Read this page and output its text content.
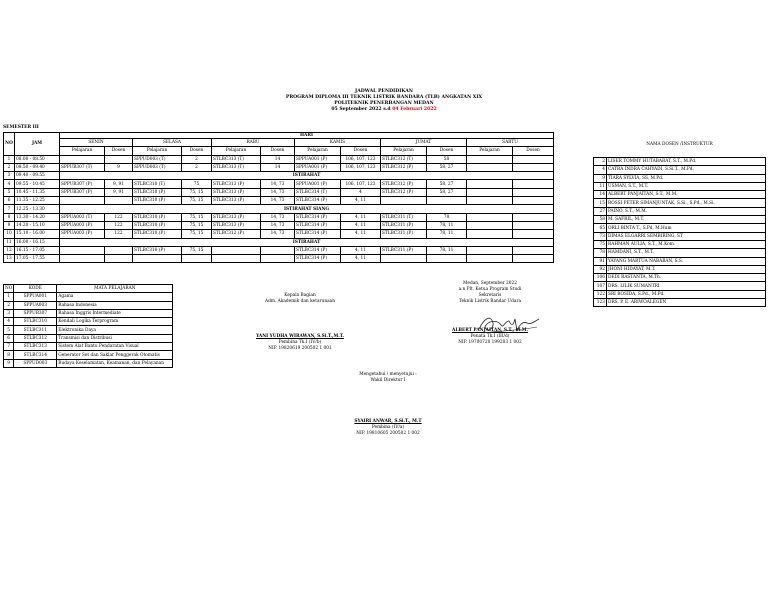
JADWAL PENDIDIKAN
PROGRAM DIPLOMA III TEKNIK LISTRIK BANDARA (TLB) ANGKATAN XIX
POLITEKNIK PENERBANGAN MEDAN
05 September 2022 s.d 04 Februari 2022
SEMESTER III
NO	JAM	HARI											
		SENIN		SELASA		RABU		KAMIS		JUMAT		SABTU	
		Pelajaran	Dosen	Pelajaran	Dosen	Pelajaran	Dosen	Pelajaran	Dosen	Pelajaran	Dosen	Pelajaran	Dosen
1	08.00 - 08.50			SPPUD003 (T)	2	STLBC313 (T)	14	SPPUA001 (P)	106, 107, 123	STLBC312 (T)	58		
2	08.50 - 09.40	SPPUB307 (T)	9	SPPUD003 (T)	2	STLBC313 (T)	14	SPPUA001 (P)	106, 107, 123	STLBC312 (P)	58, 27		
3	09.40 - 09.55	ISTIRAHAT											
4	09.55 - 10.45	SPPUB307 (P)	9, 91	STLBC310 (T)	75	STLBC313 (P)	14, 73	SPPUA001 (P)	106, 107, 123	STLBC312 (P)	58, 27		
5	10.45 - 11.35	SPPUB307 (P)	9, 91	STLBC310 (P)	75, 15	STLBC313 (P)	14, 73	STLBC314 (T)	4	STLBC312 (P)	58, 27		
6	11.35 - 12.25			STLBC310 (P)	75, 15	STLBC313 (P)	14, 73	STLBC314 (P)	4, 11				
7	12.25 - 13.30	ISTIRAHAT SIANG											
8	13.30 - 14.20	SPPUA003 (T)	122	STLBC310 (P)	75, 15	STLBC313 (P)	14, 73	STLBC314 (P)	4, 11	STLBC311 (T)	78		
9	14.20 - 15.10	SPPUA003 (P)	122	STLBC310 (P)	75, 15	STLBC313 (P)	14, 73	STLBC314 (P)	4, 11	STLBC311 (P)	78, 11		
10	15.10 - 16.00	SPPUA003 (P)	122	STLBC310 (P)	75, 15	STLBC312 (P)	14, 73	STLBC314 (P)	4, 11	STLBC311 (P)	78, 11		
11	16.00 - 16.15	ISTIRAHAT											
12	16.15 - 17.05			STLBC310 (P)	75, 15			STLBC314 (P)	4, 11	STLBC311 (P)	78, 11		
13	17.05 - 17.55							STLBC314 (P)	4, 11				
NAMA DOSEN /INSTRUKTUR	
2	LISER TOMMY HUTABARAT, S.T., M.Pd.
4	CATRA INDRA CAHYADI, S.Si.T., M.Pd.
9	TIARA SYLVIA, SS, M.Pd.
11	USMAN, S.T., M.T.
14	ALBERT PANJAITAN, S.T., M.M.
15	ROSSI PETER SIMANJUNTAK, S.Si., S.Pd., M.Si.
27	PAINO, S.T., M.M.
58	M. SAFRIL, M.T.
65	ORLI BINTA T., S.Pd, M.Hum
73	DIMAS ELGARRI SEMBIRING, ST
75	RAHMAN AULIA, S.T., M.Kom.
78	HAMDANI, S.T., M.T.
91	YAYANG MARTUA NABABAN, S.S.
92	JHONI HIDAYAT, M.T.
106	DEDI RASTANTA, M.Th.
107	DRS. LILIK SUMANTRI
122	SRI ROSIDA, S.Pd., M.Pd.
123	DRS. P. E. ARIWOALEGEN
NO	KODE	MATA PELAJARAN
1	SPPUA001	Agama
2	SPPUA003	Bahasa Indonesia
3	SPPUB307	Bahasa Inggris Intermediate
4	STLBC310	Kendali Logika Terprogram
5	STLBC311	Elektronika Daya
6	STLBC312	Transmisi dan Distribusi
7	STLBC313	Sistem Alat Bantu Pendaratan Visual
8	STLBC314	Generator Set dan Saklar Penggerak Otomatis
9	SPPUD003	Budaya Keselamatan, Keamanan, dan Pelayanan
Kepala Bagian
Adm. Akademik dan ketarunaan
YANI YUDHA WIRAWAN, S.Si.T.,M.T.
Pembina Tk.I (IV/b)
NIP. 19820619 200502 1 001
Medan, September 2022
a.n Plt. Ketua Program Studi
Sekretaris
Teknik Listrik Bandar Udara
ALBERT PANJAITAN, S.T., M.M.
Penata Tk.I (III/d)
NIP. 19700720 199203 1 002
Mengetahui / menyetujui :
Wakil Direktur I
SYAIRI ANWAR, S.Si.T., M.T
Pembina (IV/a)
NIP. 19810605 200502 1 002
